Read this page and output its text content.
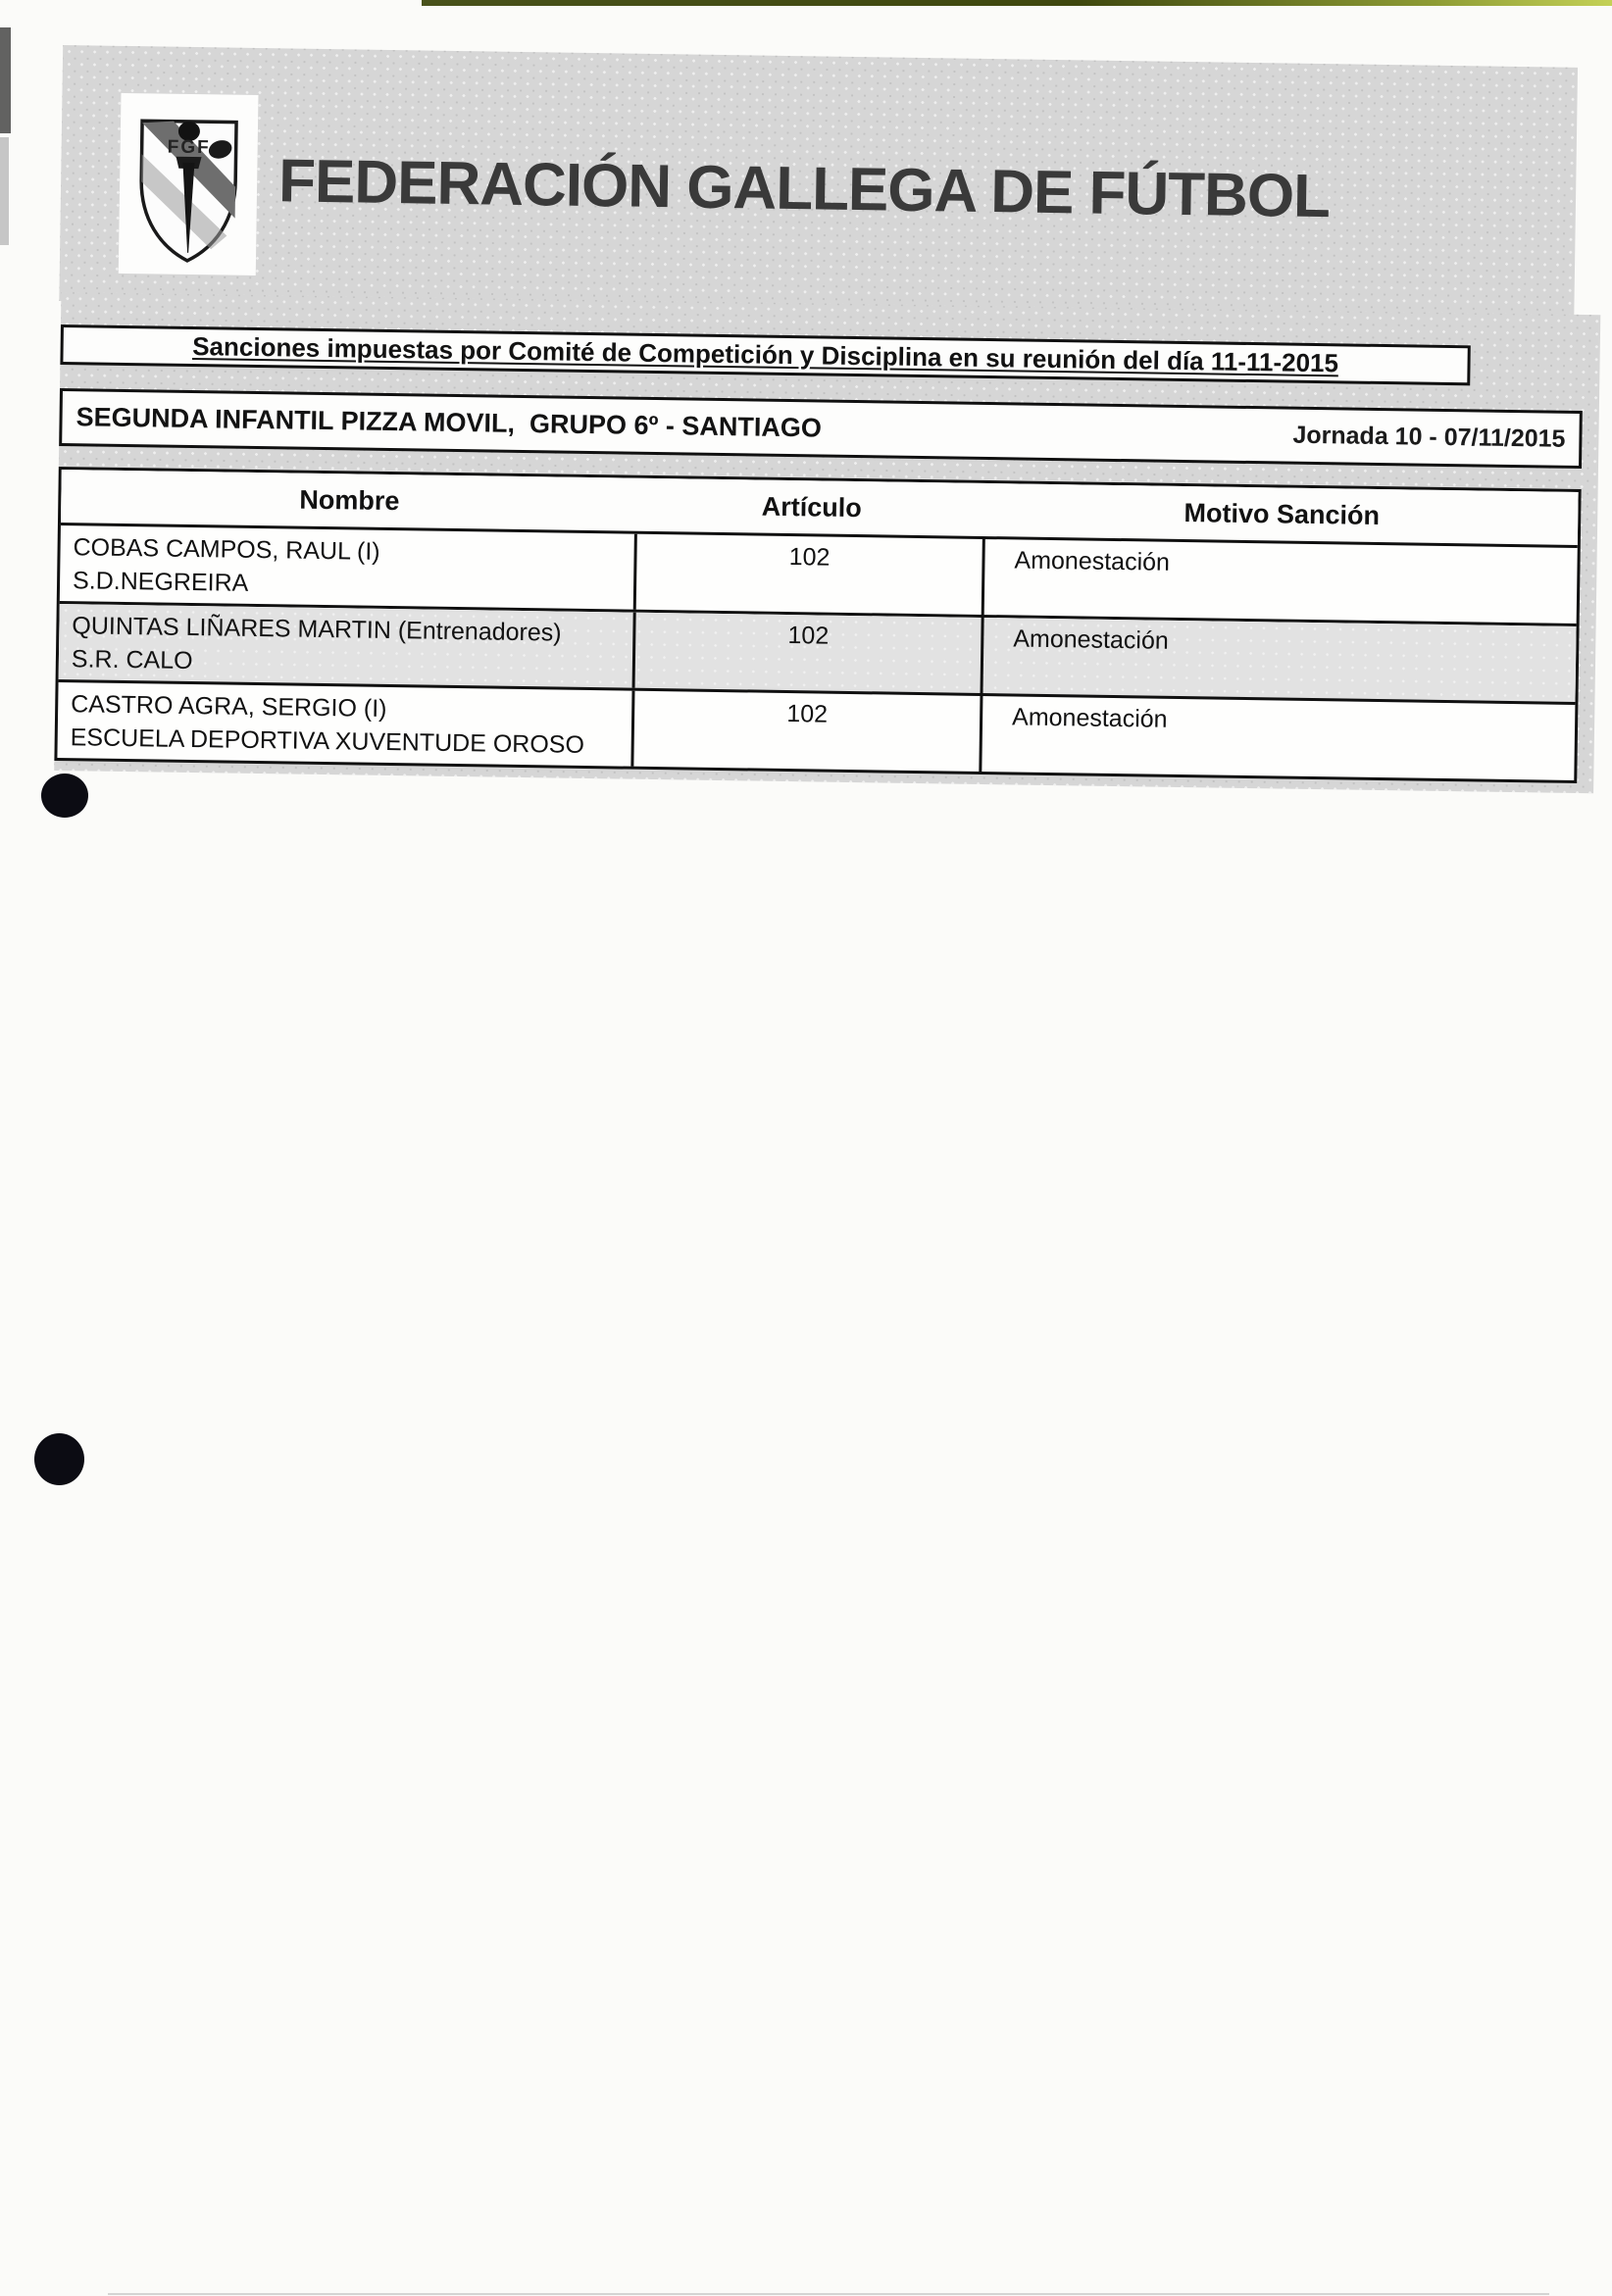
FGF FEDERACIÓN GALLEGA DE FÚTBOL
Sanciones impuestas por Comité de Competición y Disciplina en su reunión del día 11-11-2015
SEGUNDA INFANTIL PIZZA MOVIL,  GRUPO 6º - SANTIAGO	Jornada 10 - 07/11/2015
Nombre	Artículo	Motivo Sanción
COBAS CAMPOS, RAUL (I)
S.D.NEGREIRA
102	Amonestación
QUINTAS LIÑARES MARTIN (Entrenadores)
S.R. CALO
102	Amonestación
CASTRO AGRA, SERGIO (I)
ESCUELA DEPORTIVA XUVENTUDE OROSO
102	Amonestación
